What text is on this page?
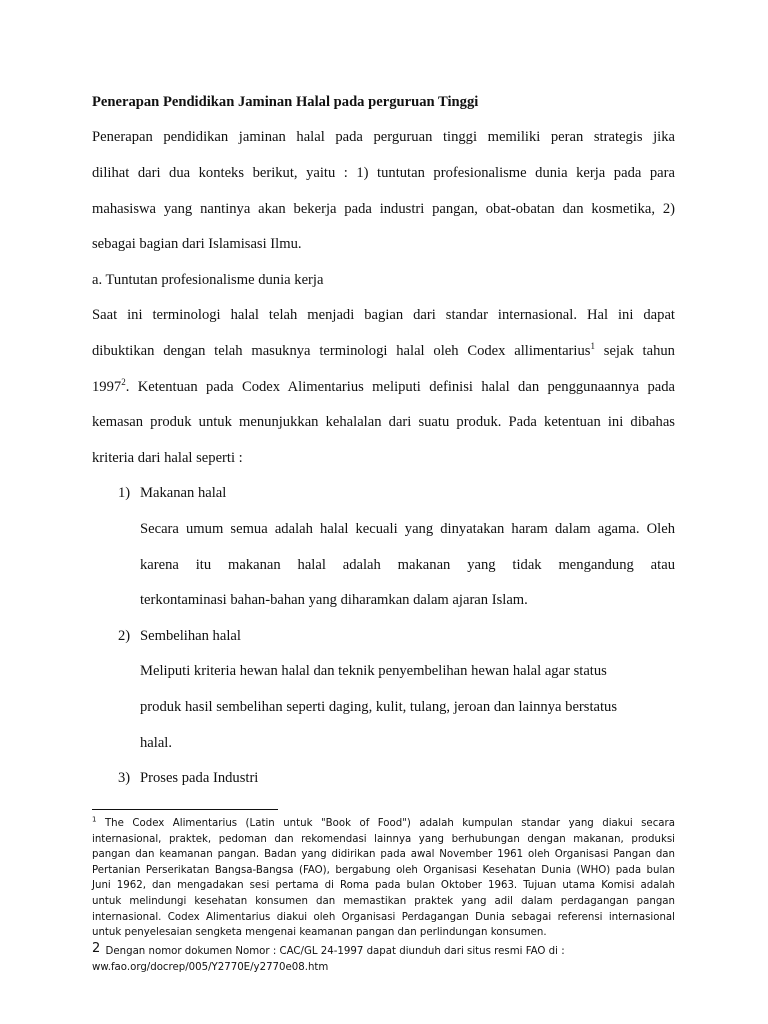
Penerapan Pendidikan Jaminan Halal pada perguruan Tinggi
Penerapan pendidikan jaminan halal pada perguruan tinggi memiliki peran strategis jika
dilihat dari dua konteks berikut, yaitu : 1) tuntutan profesionalisme dunia kerja pada para
mahasiswa yang nantinya akan bekerja pada industri pangan, obat-obatan dan kosmetika, 2)
sebagai bagian dari Islamisasi Ilmu.
a. Tuntutan profesionalisme dunia kerja
Saat ini terminologi halal telah menjadi bagian dari standar internasional. Hal ini dapat
dibuktikan dengan telah masuknya terminologi halal oleh Codex allimentarius$^1$ sejak tahun
1997$^2$. Ketentuan pada Codex Alimentarius meliputi definisi halal dan penggunaannya pada
kemasan produk untuk menunjukkan kehalalan dari suatu produk. Pada ketentuan ini dibahas
kriteria dari halal seperti :
1) Makanan halal
Secara umum semua adalah halal kecuali yang dinyatakan haram dalam agama. Oleh
karena itu makanan halal adalah makanan yang tidak mengandung atau
terkontaminasi bahan-bahan yang diharamkan dalam ajaran Islam.
2) Sembelihan halal
Meliputi kriteria hewan halal dan teknik penyembelihan hewan halal agar status
produk hasil sembelihan seperti daging, kulit, tulang, jeroan dan lainnya berstatus
halal.
3) Proses pada Industri
$^1$ The Codex Alimentarius (Latin untuk "Book of Food") adalah kumpulan standar yang diakui secara
internasional, praktek, pedoman dan rekomendasi lainnya yang berhubungan dengan makanan, produksi
pangan dan keamanan pangan. Badan yang didirikan pada awal November 1961 oleh Organisasi Pangan dan
Pertanian Perserikatan Bangsa-Bangsa (FAO), bergabung oleh Organisasi Kesehatan Dunia (WHO) pada bulan
Juni 1962, dan mengadakan sesi pertama di Roma pada bulan Oktober 1963. Tujuan utama Komisi adalah
untuk melindungi kesehatan konsumen dan memastikan praktek yang adil dalam perdagangan pangan
internasional. Codex Alimentarius diakui oleh Organisasi Perdagangan Dunia sebagai referensi internasional
untuk penyelesaian sengketa mengenai keamanan pangan dan perlindungan konsumen.
2 Dengan nomor dokumen Nomor : CAC/GL 24-1997 dapat diunduh dari situs resmi FAO di :
ww.fao.org/docrep/005/Y2770E/y2770e08.htm
